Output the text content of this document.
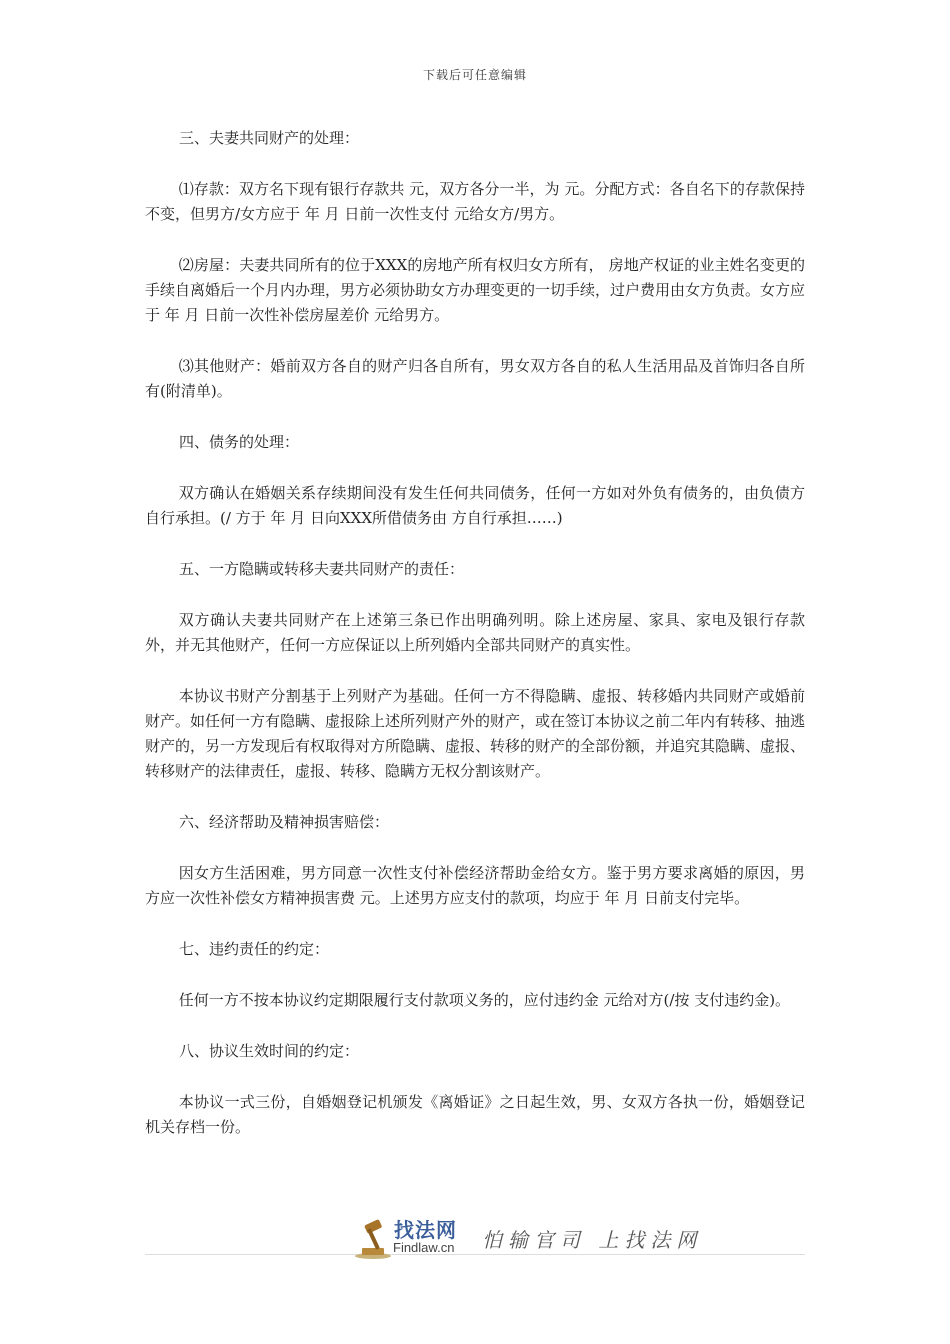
下载后可任意编辑

三、夫妻共同财产的处理：

⑴存款：双方名下现有银行存款共 元，双方各分一半，为 元。分配方式：各自名下的存款保持不变，但男方/女方应于 年 月 日前一次性支付 元给女方/男方。

⑵房屋：夫妻共同所有的位于XXX的房地产所有权归女方所有， 房地产权证的业主姓名变更的手续自离婚后一个月内办理，男方必须协助女方办理变更的一切手续，过户费用由女方负责。女方应于 年 月 日前一次性补偿房屋差价 元给男方。

⑶其他财产：婚前双方各自的财产归各自所有，男女双方各自的私人生活用品及首饰归各自所有(附清单)。

四、债务的处理：

双方确认在婚姻关系存续期间没有发生任何共同债务，任何一方如对外负有债务的，由负债方自行承担。(/ 方于 年 月 日向XXX所借债务由 方自行承担……)

五、一方隐瞒或转移夫妻共同财产的责任：

双方确认夫妻共同财产在上述第三条已作出明确列明。除上述房屋、家具、家电及银行存款外，并无其他财产，任何一方应保证以上所列婚内全部共同财产的真实性。

本协议书财产分割基于上列财产为基础。任何一方不得隐瞒、虚报、转移婚内共同财产或婚前财产。如任何一方有隐瞒、虚报除上述所列财产外的财产，或在签订本协议之前二年内有转移、抽逃财产的，另一方发现后有权取得对方所隐瞒、虚报、转移的财产的全部份额，并追究其隐瞒、虚报、转移财产的法律责任，虚报、转移、隐瞒方无权分割该财产。

六、经济帮助及精神损害赔偿：

因女方生活困难，男方同意一次性支付补偿经济帮助金给女方。鉴于男方要求离婚的原因，男方应一次性补偿女方精神损害费 元。上述男方应支付的款项，均应于 年 月 日前支付完毕。

七、违约责任的约定：

任何一方不按本协议约定期限履行支付款项义务的，应付违约金 元给对方(/按 支付违约金)。

八、协议生效时间的约定：

本协议一式三份，自婚姻登记机颁发《离婚证》之日起生效，男、女双方各执一份，婚姻登记机关存档一份。

找法网
Findlaw.cn 怕输官司 上找法网
